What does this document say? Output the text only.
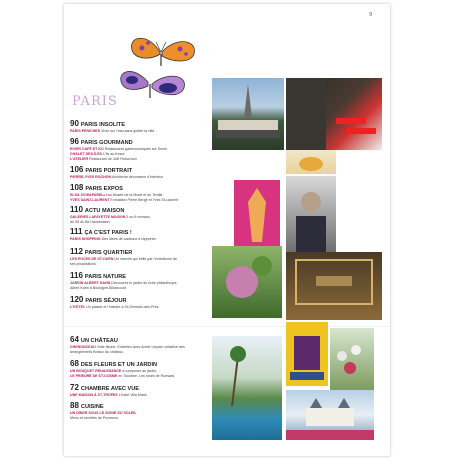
9
PARIS
90 PARIS INSOLITE
PARIS PÉNICHES Vivre sur l'eau sans quitter la ville.
96 PARIS GOURMAND
RIVER CAFÉ ET KO Restaurants gastronomiques sur Seine.
CHALET DES ÎLES L'île au trésor.
L'ATELIER Restaurant de Joël Robuchon
106 PARIS PORTRAIT
PIERRE-YVES ROCHON Architecte décorateur d'intérieur.
108 PARIS EXPOS
ELSA SCHIAPARELLI au Musée de la Mode et du Textile.
YVES SAINT-LAURENT Fondation Pierre Bergé et Yves St-Laurent
110 ACTU MAISON
GALERIES LAFAYETTE MAISON 5 ou 6 niveaux,
au 35 du Bd Haussmann.
111 ÇA C'EST PARIS !
PARIS SHOPPING Des idées de cadeaux à rapporter.
112 PARIS QUARTIER
LES PUCES DE ST-OUEN Un marché qui brille par l'éclectisme de
ses propositions.
116 PARIS NATURE
JARDIN ALBERT KAHN Découvrez le jardin du riche philanthrope,
Albert Kahn à Boulogne-Billancourt.
120 PARIS SÉJOUR
L'HÔTEL Un palace et l'histoire à St-Germain-des-Prés.
64 UN CHÂTEAU
CHENONCEAU Vidie fleurie. Entretien avec Annie Leyrain créatrice des
arrangements floraux du château.
68 DES FLEURS ET UN JARDIN
UN BOUQUET RENAISSANCE à composer au jardin.
LE PRIEURÉ DE ST-COSME en Touraine. Les roses de Ronsard.
72 CHAMBRE AVEC VUE
UNE MAISON À ST-TROPEZ L'hôtel Villa Marie.
88 CUISINE
UN DÎNER SOUS LE SIGNE DU SOLEIL
Menu et recettes de Provence.
